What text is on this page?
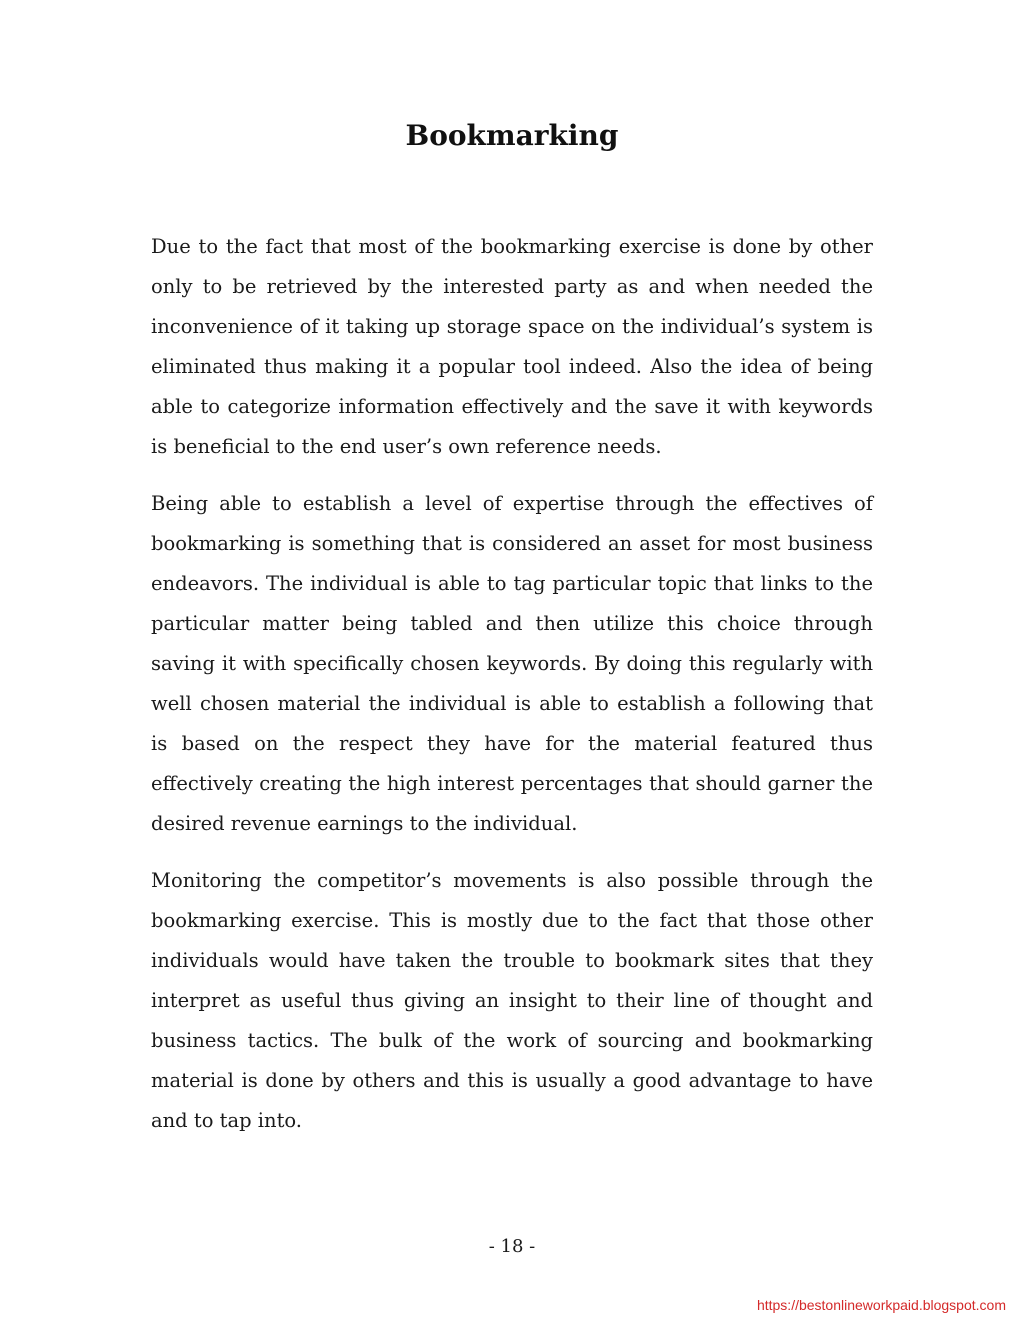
Bookmarking

Due to the fact that most of the bookmarking exercise is done by other only to be retrieved by the interested party as and when needed the inconvenience of it taking up storage space on the individual’s system is eliminated thus making it a popular tool indeed. Also the idea of being able to categorize information effectively and the save it with keywords is beneficial to the end user’s own reference needs.

Being able to establish a level of expertise through the effectives of bookmarking is something that is considered an asset for most business endeavors. The individual is able to tag particular topic that links to the particular matter being tabled and then utilize this choice through saving it with specifically chosen keywords. By doing this regularly with well chosen material the individual is able to establish a following that is based on the respect they have for the material featured thus effectively creating the high interest percentages that should garner the desired revenue earnings to the individual.

Monitoring the competitor’s movements is also possible through the bookmarking exercise. This is mostly due to the fact that those other individuals would have taken the trouble to bookmark sites that they interpret as useful thus giving an insight to their line of thought and business tactics. The bulk of the work of sourcing and bookmarking material is done by others and this is usually a good advantage to have and to tap into.

- 18 -
https://bestonlineworkpaid.blogspot.com
